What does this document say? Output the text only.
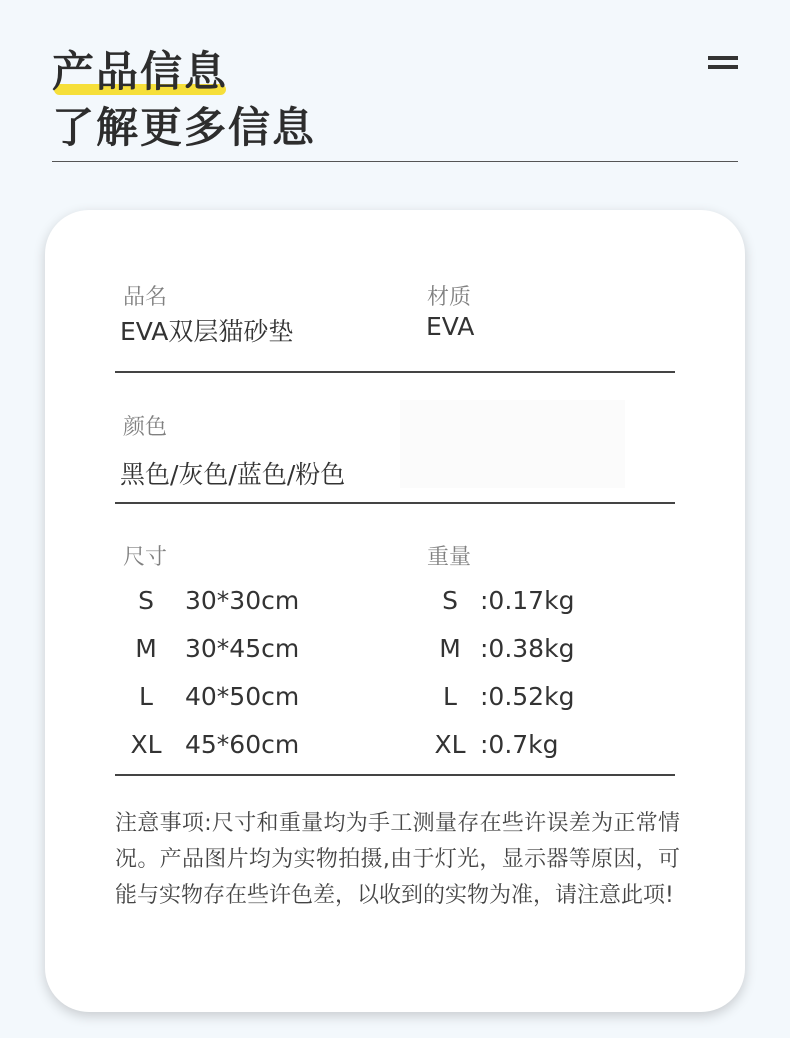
产品信息
了解更多信息
品名
EVA双层猫砂垫
材质
EVA
颜色
黑色/灰色/蓝色/粉色
尺寸	重量
S	30*30cm	S :0.17kg
M	30*45cm	M :0.38kg
L	40*50cm	L :0.52kg
XL 45*60cm	XL :0.7kg
注意事项:尺寸和重量均为手工测量存在些许误差为正常情况。产品图片均为实物拍摄,由于灯光，显示器等原因，可能与实物存在些许色差，以收到的实物为准，请注意此项!
